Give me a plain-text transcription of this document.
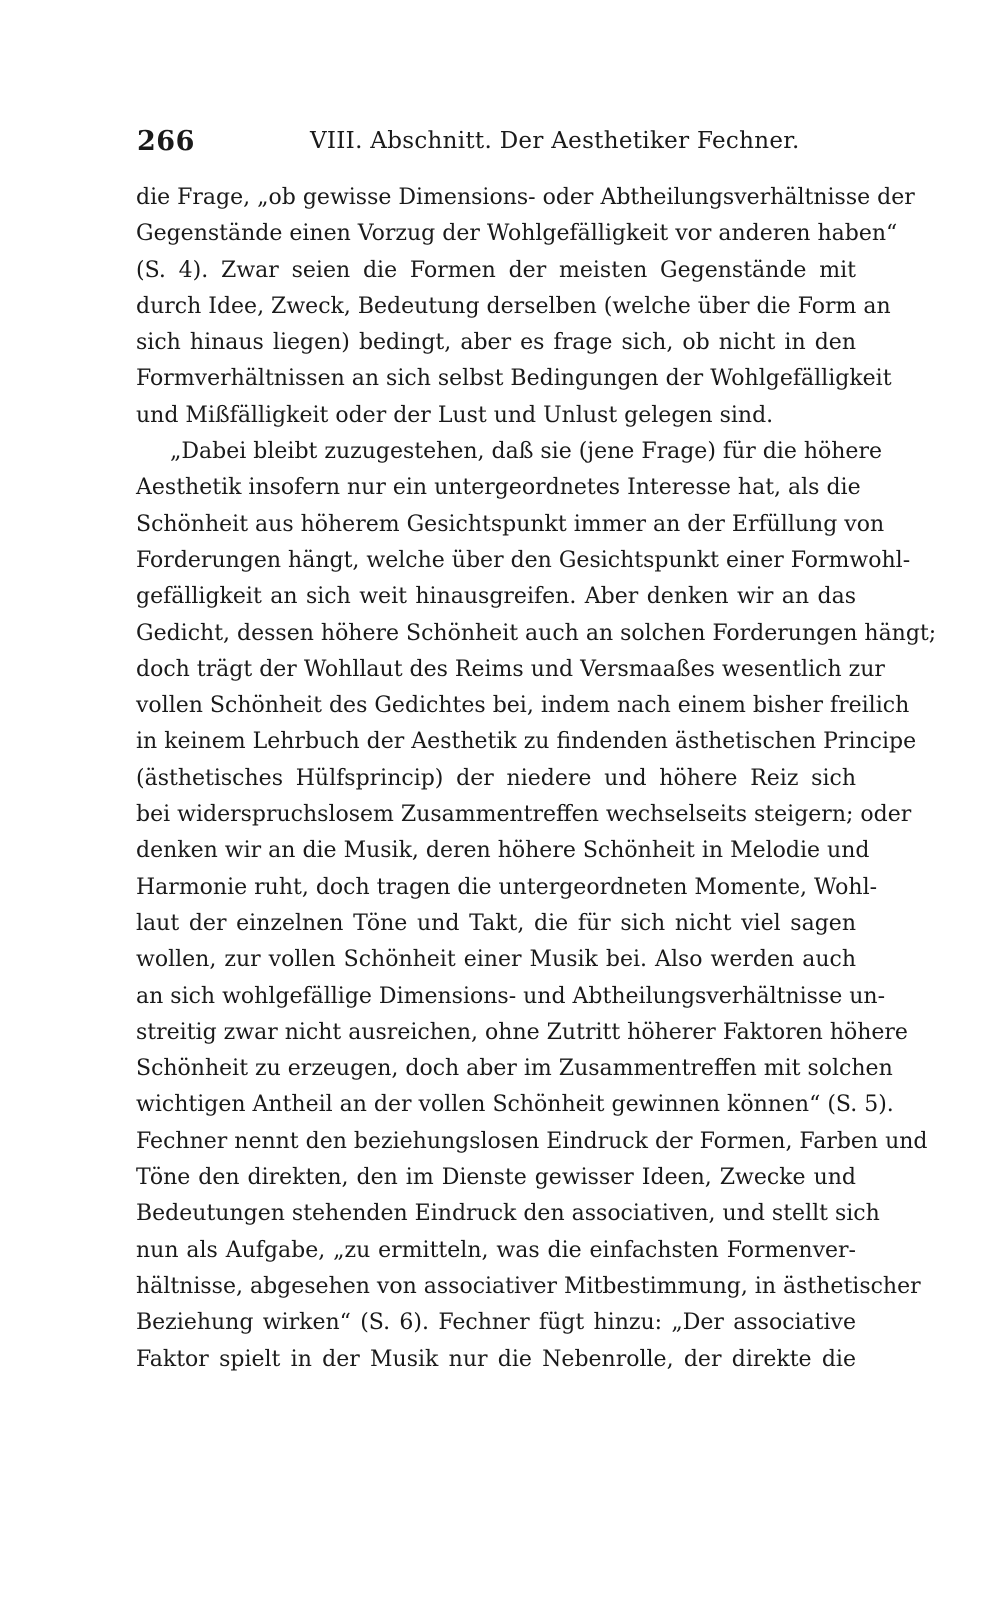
266	VIII. Abschnitt. Der Aesthetiker Fechner.
die Frage, „ob gewisse Dimensions- oder Abtheilungsverhältnisse der
Gegenstände einen Vorzug der Wohlgefälligkeit vor anderen haben“
(S. 4). Zwar seien die Formen der meisten Gegenstände mit
durch Idee, Zweck, Bedeutung derselben (welche über die Form an
sich hinaus liegen) bedingt, aber es frage sich, ob nicht in den
Formverhältnissen an sich selbst Bedingungen der Wohlgefälligkeit
und Mißfälligkeit oder der Lust und Unlust gelegen sind.
„Dabei bleibt zuzugestehen, daß sie (jene Frage) für die höhere
Aesthetik insofern nur ein untergeordnetes Interesse hat, als die
Schönheit aus höherem Gesichtspunkt immer an der Erfüllung von
Forderungen hängt, welche über den Gesichtspunkt einer Formwohl-
gefälligkeit an sich weit hinausgreifen. Aber denken wir an das
Gedicht, dessen höhere Schönheit auch an solchen Forderungen hängt;
doch trägt der Wohllaut des Reims und Versmaaßes wesentlich zur
vollen Schönheit des Gedichtes bei, indem nach einem bisher freilich
in keinem Lehrbuch der Aesthetik zu findenden ästhetischen Principe
(ästhetisches Hülfsprincip) der niedere und höhere Reiz sich
bei widerspruchslosem Zusammentreffen wechselseits steigern; oder
denken wir an die Musik, deren höhere Schönheit in Melodie und
Harmonie ruht, doch tragen die untergeordneten Momente, Wohl-
laut der einzelnen Töne und Takt, die für sich nicht viel sagen
wollen, zur vollen Schönheit einer Musik bei. Also werden auch
an sich wohlgefällige Dimensions- und Abtheilungsverhältnisse un-
streitig zwar nicht ausreichen, ohne Zutritt höherer Faktoren höhere
Schönheit zu erzeugen, doch aber im Zusammentreffen mit solchen
wichtigen Antheil an der vollen Schönheit gewinnen können“ (S. 5).
Fechner nennt den beziehungslosen Eindruck der Formen, Farben und
Töne den direkten, den im Dienste gewisser Ideen, Zwecke und
Bedeutungen stehenden Eindruck den associativen, und stellt sich
nun als Aufgabe, „zu ermitteln, was die einfachsten Formenver-
hältnisse, abgesehen von associativer Mitbestimmung, in ästhetischer
Beziehung wirken“ (S. 6). Fechner fügt hinzu: „Der associative
Faktor spielt in der Musik nur die Nebenrolle, der direkte die
